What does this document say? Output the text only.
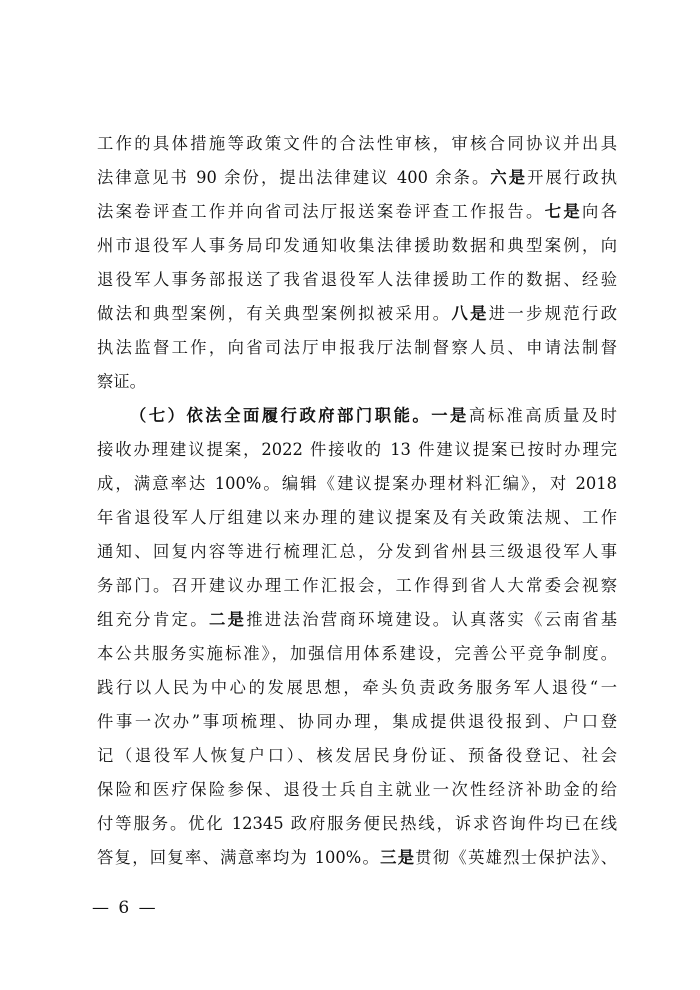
工作的具体措施等政策文件的合法性审核，审核合同协议并出具
法律意见书 90 余份，提出法律建议 400 余条。六是开展行政执
法案卷评查工作并向省司法厅报送案卷评查工作报告。七是向各
州市退役军人事务局印发通知收集法律援助数据和典型案例，向
退役军人事务部报送了我省退役军人法律援助工作的数据、经验
做法和典型案例，有关典型案例拟被采用。八是进一步规范行政
执法监督工作，向省司法厅申报我厅法制督察人员、申请法制督
察证。
（七）依法全面履行政府部门职能。一是高标准高质量及时
接收办理建议提案，2022 件接收的 13 件建议提案已按时办理完
成，满意率达 100%。编辑《建议提案办理材料汇编》，对 2018
年省退役军人厅组建以来办理的建议提案及有关政策法规、工作
通知、回复内容等进行梳理汇总，分发到省州县三级退役军人事
务部门。召开建议办理工作汇报会，工作得到省人大常委会视察
组充分肯定。二是推进法治营商环境建设。认真落实《云南省基
本公共服务实施标准》，加强信用体系建设，完善公平竞争制度。
践行以人民为中心的发展思想，牵头负责政务服务军人退役“一
件事一次办”事项梳理、协同办理，集成提供退役报到、户口登
记（退役军人恢复户口）、核发居民身份证、预备役登记、社会
保险和医疗保险参保、退役士兵自主就业一次性经济补助金的给
付等服务。优化 12345 政府服务便民热线，诉求咨询件均已在线
答复，回复率、满意率均为 100%。三是贯彻《英雄烈士保护法》、
— 6 —
